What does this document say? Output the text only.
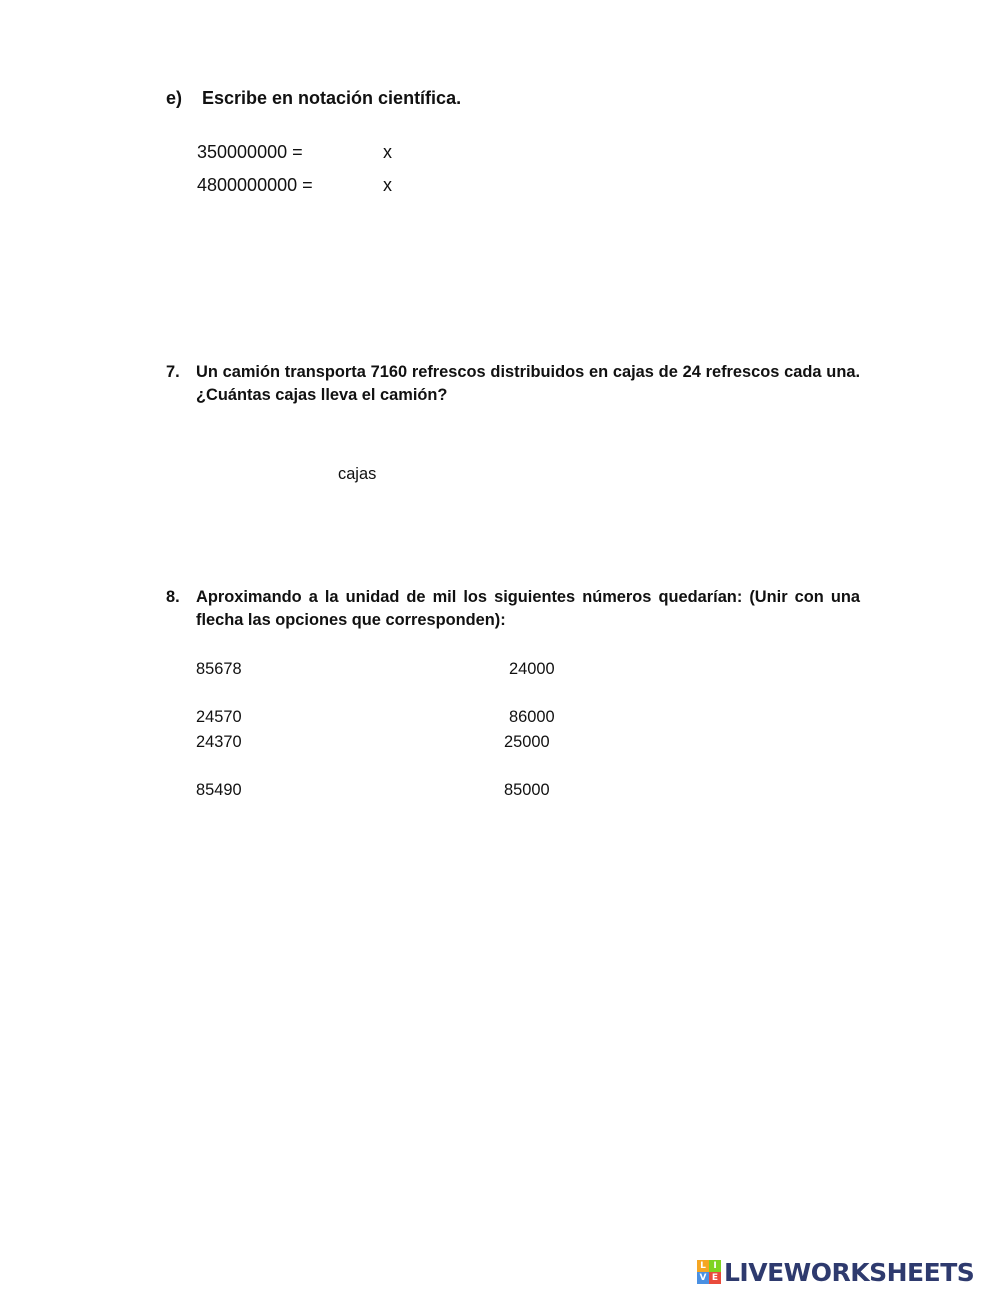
e) Escribe en notación científica.
350000000 =	x
4800000000 =	x
7. Un camión transporta 7160 refrescos distribuidos en cajas de 24 refrescos cada una. ¿Cuántas cajas lleva el camión?
cajas
8. Aproximando a la unidad de mil los siguientes números quedarían: (Unir con una flecha las opciones que corresponden):
85678
24570
24370
85490
24000
86000
25000
85000
L I
V E LIVEWORKSHEETS
